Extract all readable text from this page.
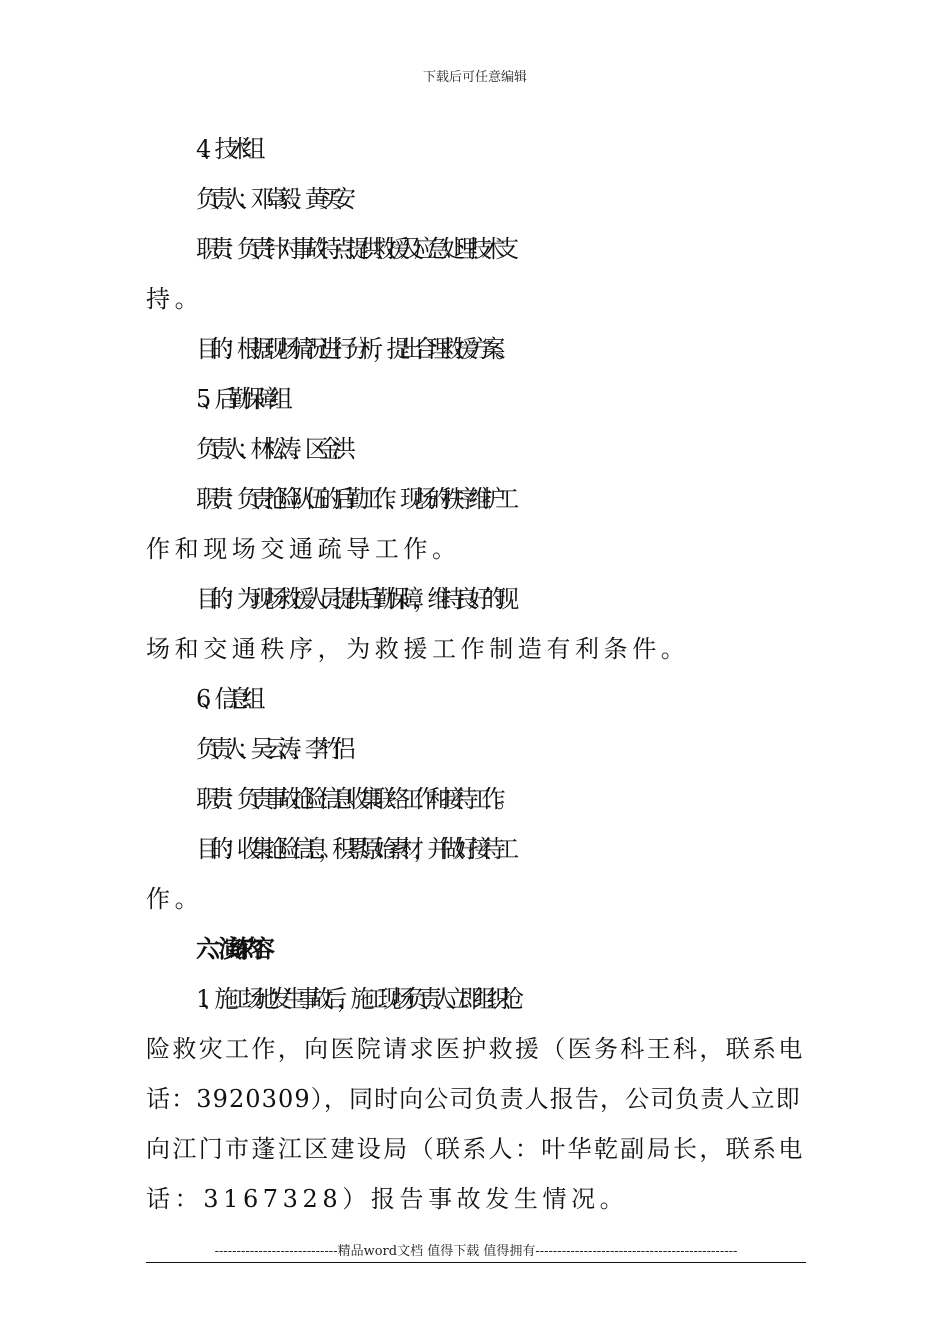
下载后可任意编辑
4、技术组
负责人：邓卓毅、黄买安
职责：负责针对事故特点提供救援及应急处理技术支
持。
目的：根据现场情况进行分析，提出合理救援方案。
5、后勤保障组
负责人：林松涛、区金洪
职责：负责抢险队伍的后勤工作、现场的秩序维护工
作和现场交通疏导工作。
目的：为现场救援人员提供后勤保障，维持良好的现
场和交通秩序，为救援工作制造有利条件。
6、信息组
负责人：吴云涛、李竹侣
职责：负责事故抢险信息收集联络工作和接待工作。
目的：收集抢险信息，积累原始素材，并做好接待工
作。
六、演练内容
1、施工场地发生事故后，施工现场负责人立即组织抢
险救灾工作，向医院请求医护救援（医务科王科，联系电
话：3920309），同时向公司负责人报告，公司负责人立即
向江门市蓬江区建设局（联系人：叶华乾副局长，联系电
话：3167328）报告事故发生情况。
----------------------------精品word文档 值得下载 值得拥有----------------------------------------------
